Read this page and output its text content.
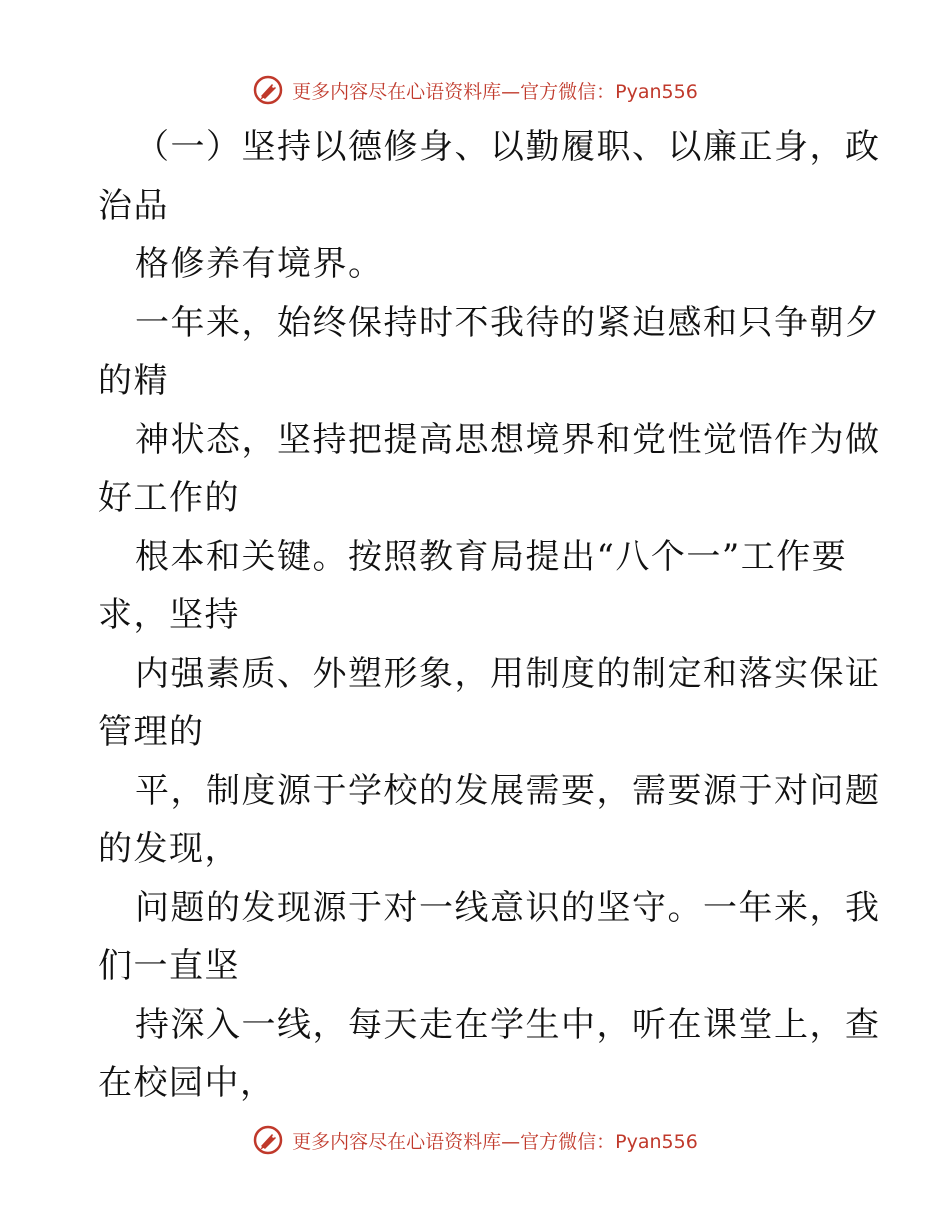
更多内容尽在心语资料库—官方微信：Pyan556
（一）坚持以德修身、以勤履职、以廉正身，政
治品
格修养有境界。
一年来，始终保持时不我待的紧迫感和只争朝夕
的精
神状态，坚持把提高思想境界和党性觉悟作为做
好工作的
根本和关键。按照教育局提出“八个一”工作要
求，坚持
内强素质、外塑形象，用制度的制定和落实保证
管理的
平，制度源于学校的发展需要，需要源于对问题
的发现，
问题的发现源于对一线意识的坚守。一年来，我
们一直坚
持深入一线，每天走在学生中，听在课堂上，查
在校园中，
更多内容尽在心语资料库—官方微信：Pyan556
